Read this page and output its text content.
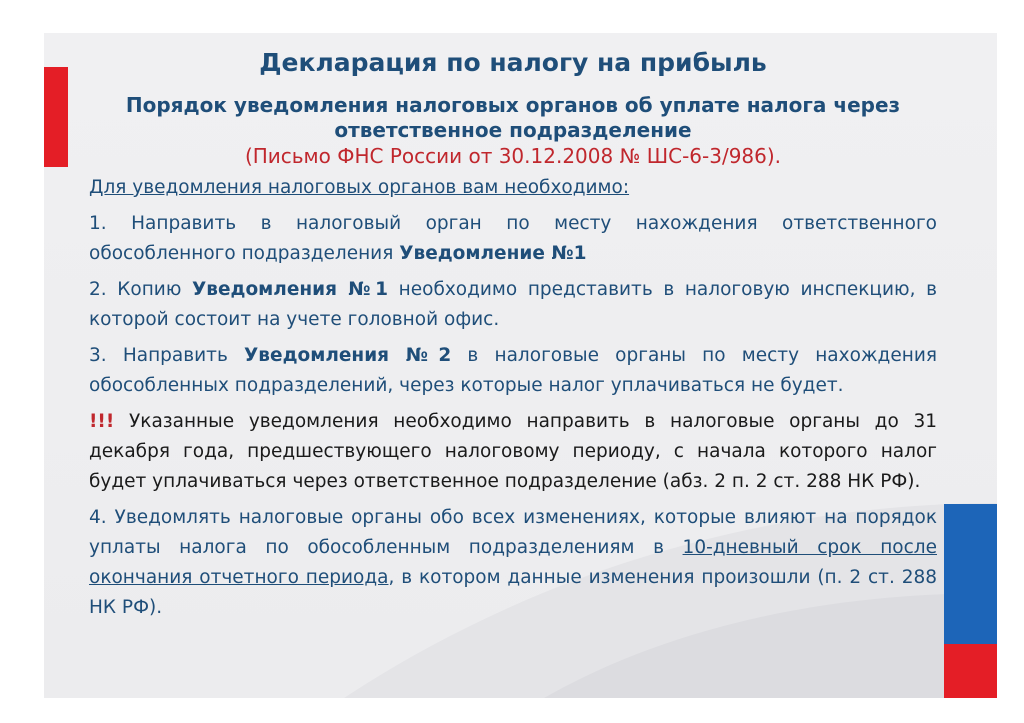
Декларация по налогу на прибыль

Порядок уведомления налоговых органов об уплате налога через ответственное подразделение

(Письмо ФНС России от 30.12.2008 № ШС-6-3/986).

Для уведомления налоговых органов вам необходимо:

1. Направить в налоговый орган по месту нахождения ответственного обособленного подразделения Уведомление №1

2. Копию Уведомления №1 необходимо представить в налоговую инспекцию, в которой состоит на учете головной офис.

3. Направить Уведомления №2 в налоговые органы по месту нахождения обособленных подразделений, через которые налог уплачиваться не будет.

!!! Указанные уведомления необходимо направить в налоговые органы до 31 декабря года, предшествующего налоговому периоду, с начала которого налог будет уплачиваться через ответственное подразделение (абз. 2 п. 2 ст. 288 НК РФ).

4. Уведомлять налоговые органы обо всех изменениях, которые влияют на порядок уплаты налога по обособленным подразделениям в 10-дневный срок после окончания отчетного периода, в котором данные изменения произошли (п. 2 ст. 288 НК РФ).
